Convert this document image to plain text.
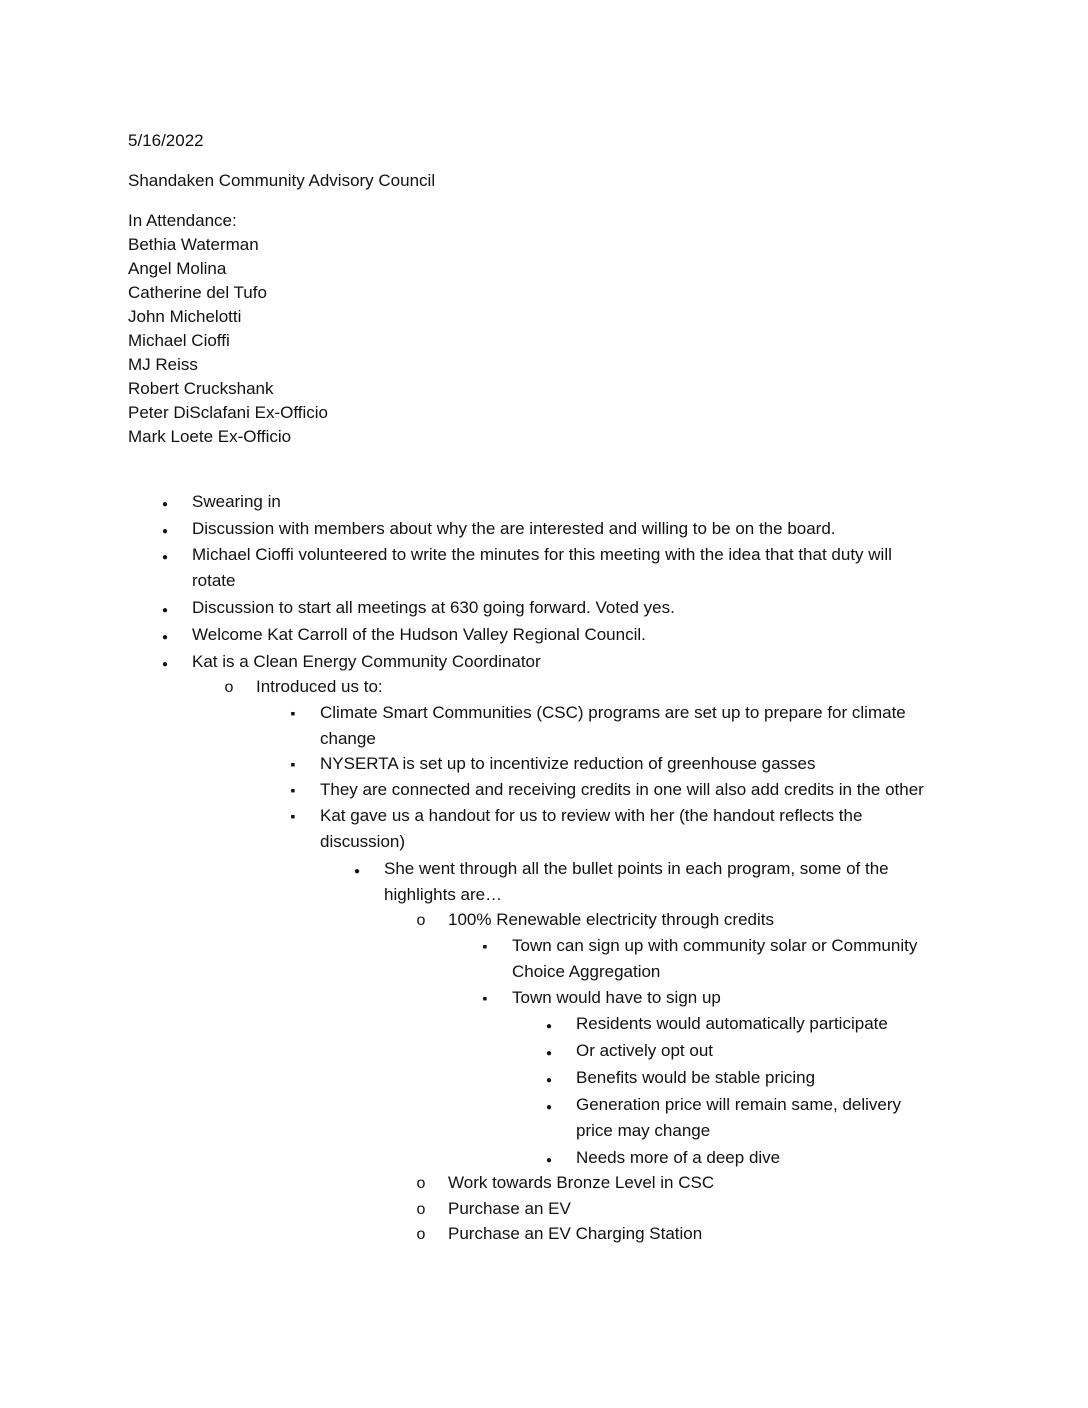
5/16/2022
Shandaken Community Advisory Council
In Attendance:
Bethia Waterman
Angel Molina
Catherine del Tufo
John Michelotti
Michael Cioffi
MJ Reiss
Robert Cruckshank
Peter DiSclafani Ex-Officio
Mark Loete Ex-Officio
●
Swearing in
●
Discussion with members about why the are interested and willing to be on the board.
●
Michael Cioffi volunteered to write the minutes for this meeting with the idea that that duty will
rotate
●
Discussion to start all meetings at 630 going forward. Voted yes.
●
Welcome Kat Carroll of the Hudson Valley Regional Council.
●
Kat is a Clean Energy Community Coordinator
o
Introduced us to:
▪
Climate Smart Communities (CSC) programs are set up to prepare for climate
change
▪
NYSERTA is set up to incentivize reduction of greenhouse gasses
▪
They are connected and receiving credits in one will also add credits in the other
▪
Kat gave us a handout for us to review with her (the handout reflects the
discussion)
●
She went through all the bullet points in each program, some of the
highlights are…
o
100% Renewable electricity through credits
▪
Town can sign up with community solar or Community
Choice Aggregation
▪
Town would have to sign up
●
Residents would automatically participate
●
Or actively opt out
●
Benefits would be stable pricing
●
Generation price will remain same, delivery
price may change
●
Needs more of a deep dive
o
Work towards Bronze Level in CSC
o
Purchase an EV
o
Purchase an EV Charging Station
